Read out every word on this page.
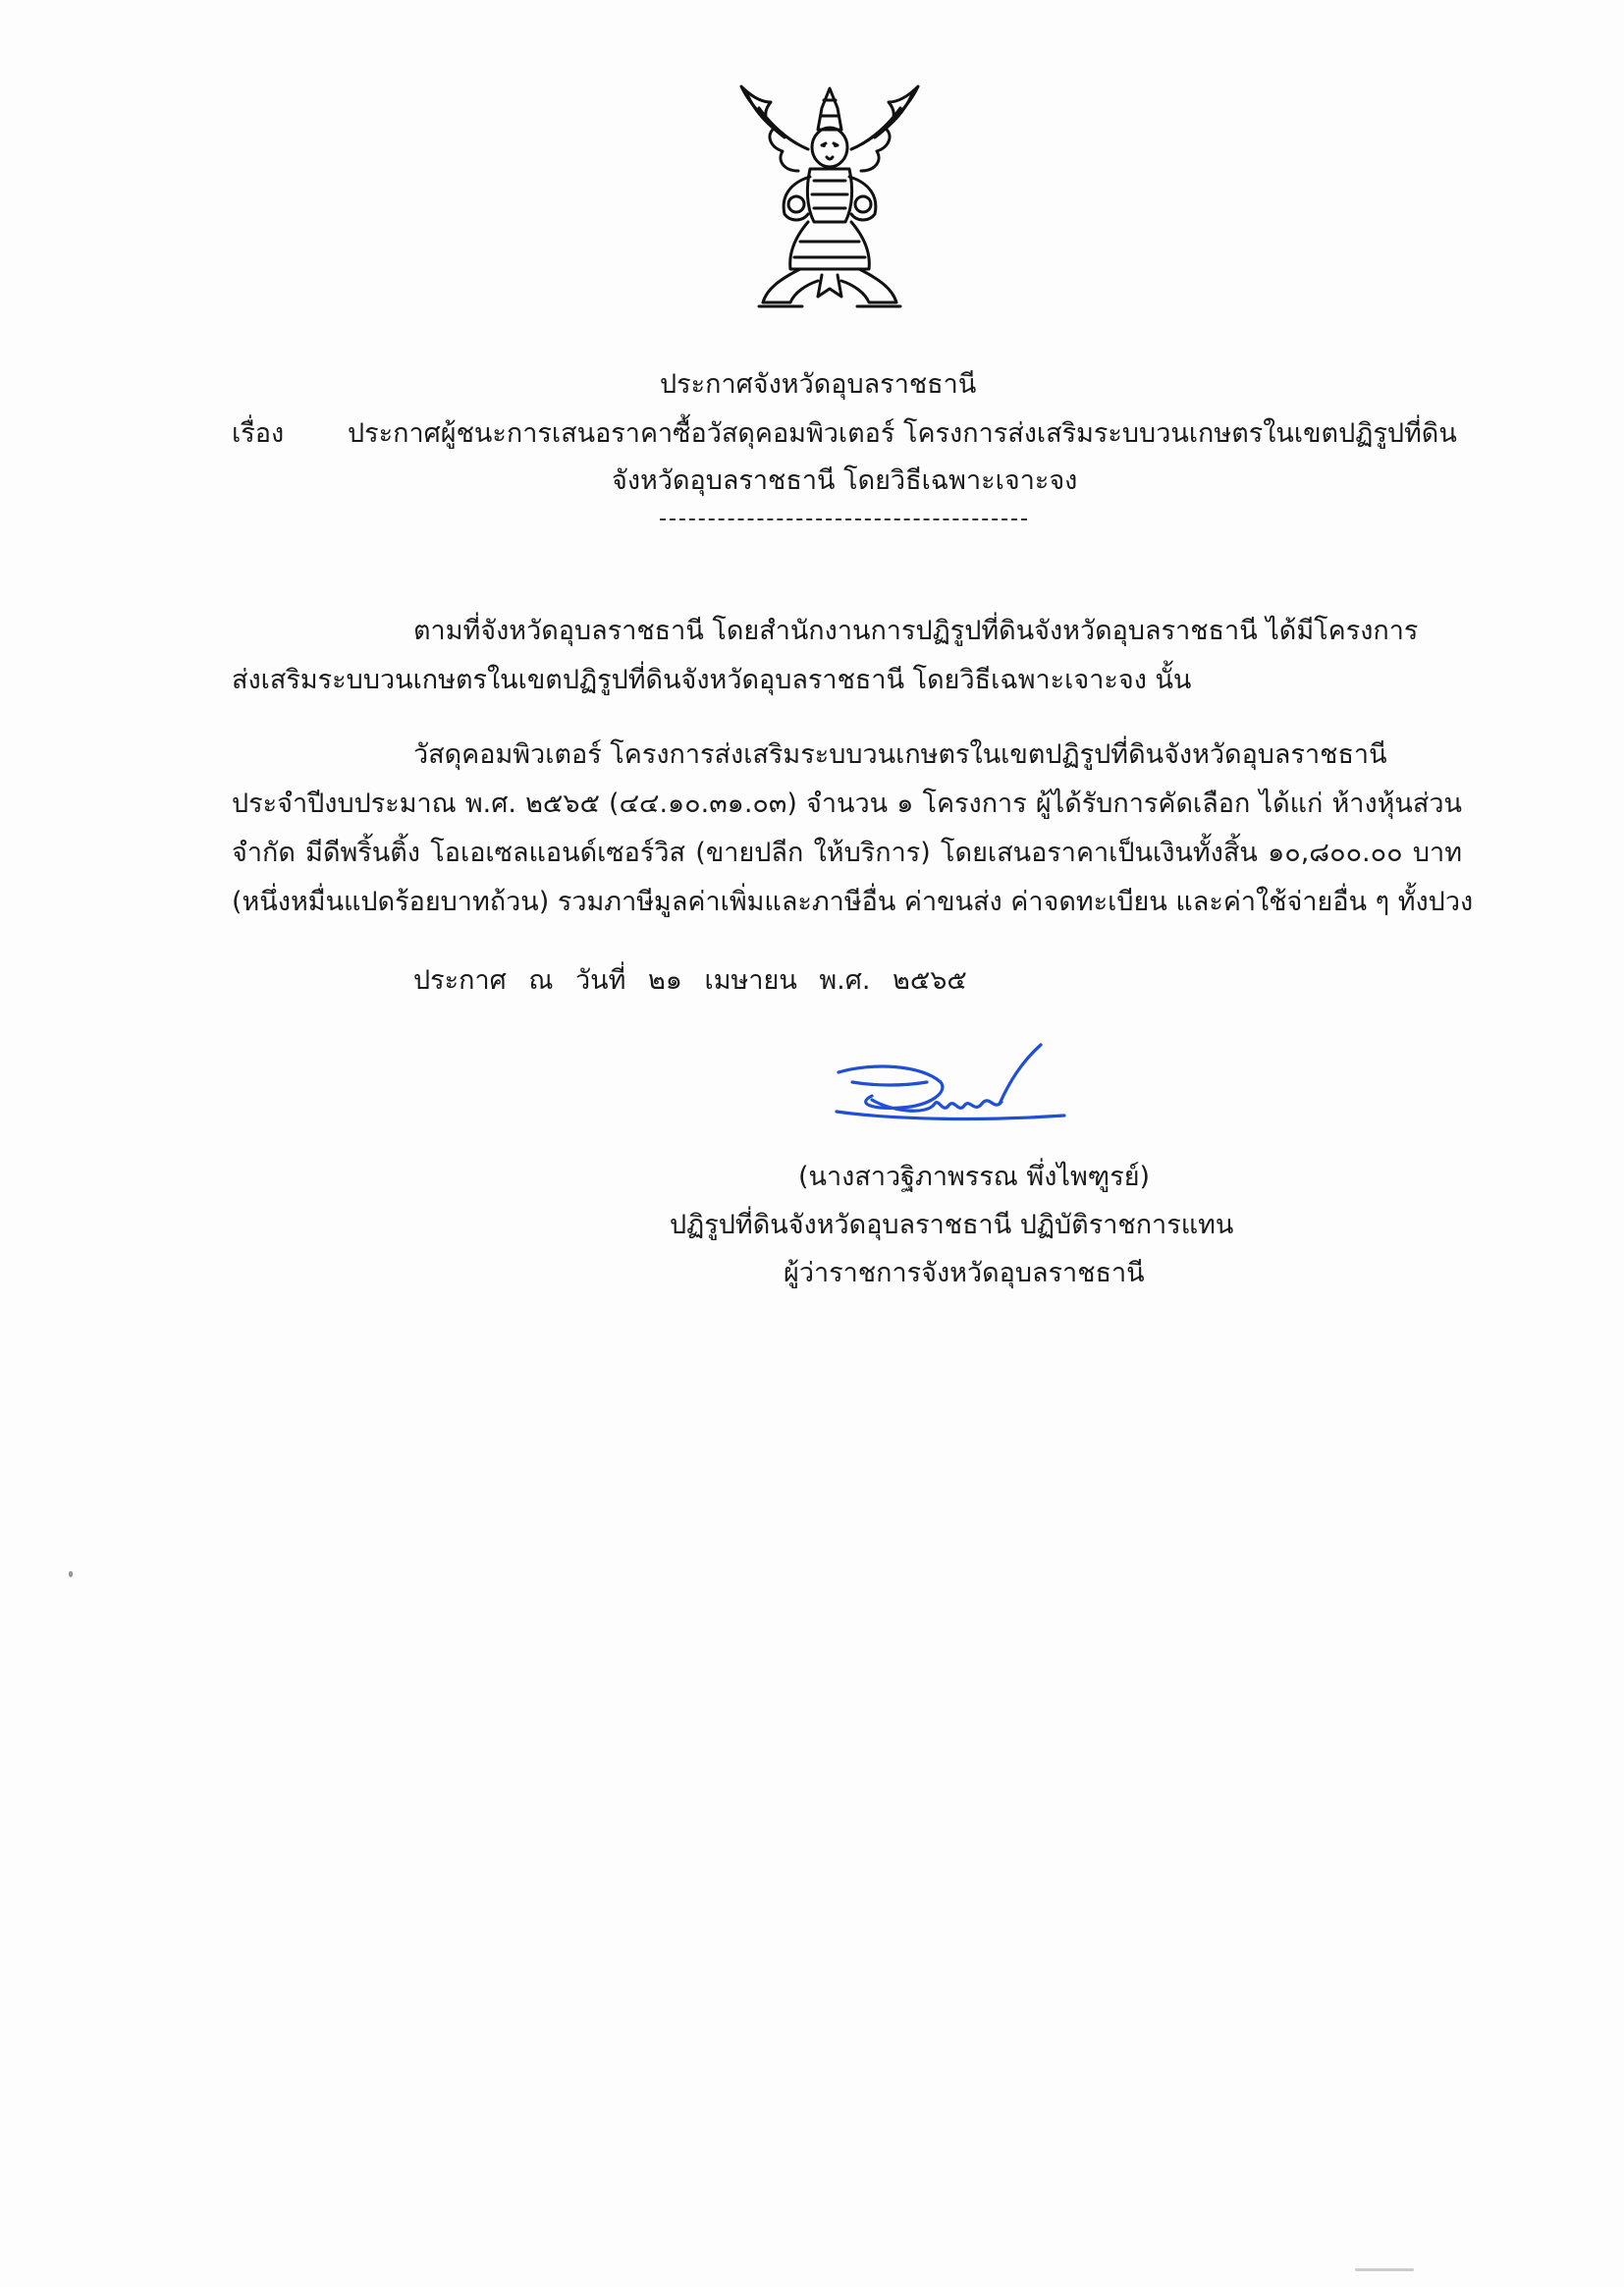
ประกาศจังหวัดอุบลราชธานี
เรื่อง ประกาศผู้ชนะการเสนอราคาซื้อวัสดุคอมพิวเตอร์ โครงการส่งเสริมระบบวนเกษตรในเขตปฏิรูปที่ดิน
จังหวัดอุบลราชธานี โดยวิธีเฉพาะเจาะจง
ตามที่จังหวัดอุบลราชธานี โดยสำนักงานการปฏิรูปที่ดินจังหวัดอุบลราชธานี ได้มีโครงการ
ส่งเสริมระบบวนเกษตรในเขตปฏิรูปที่ดินจังหวัดอุบลราชธานี โดยวิธีเฉพาะเจาะจง นั้น
วัสดุคอมพิวเตอร์ โครงการส่งเสริมระบบวนเกษตรในเขตปฏิรูปที่ดินจังหวัดอุบลราชธานี
ประจำปีงบประมาณ พ.ศ. ๒๕๖๕ (๔๔.๑๐.๓๑.๐๓) จำนวน ๑ โครงการ ผู้ได้รับการคัดเลือก ได้แก่ ห้างหุ้นส่วน
จำกัด มีดีพริ้นติ้ง โอเอเซลแอนด์เซอร์วิส (ขายปลีก ให้บริการ) โดยเสนอราคาเป็นเงินทั้งสิ้น ๑๐,๘๐๐.๐๐ บาท
(หนึ่งหมื่นแปดร้อยบาทถ้วน) รวมภาษีมูลค่าเพิ่มและภาษีอื่น ค่าขนส่ง ค่าจดทะเบียน และค่าใช้จ่ายอื่น ๆ ทั้งปวง
ประกาศ ณ วันที่ ๒๑ เมษายน พ.ศ. ๒๕๖๕
(นางสาวฐิภาพรรณ พึ่งไพฑูรย์)
ปฏิรูปที่ดินจังหวัดอุบลราชธานี ปฏิบัติราชการแทน
ผู้ว่าราชการจังหวัดอุบลราชธานี
